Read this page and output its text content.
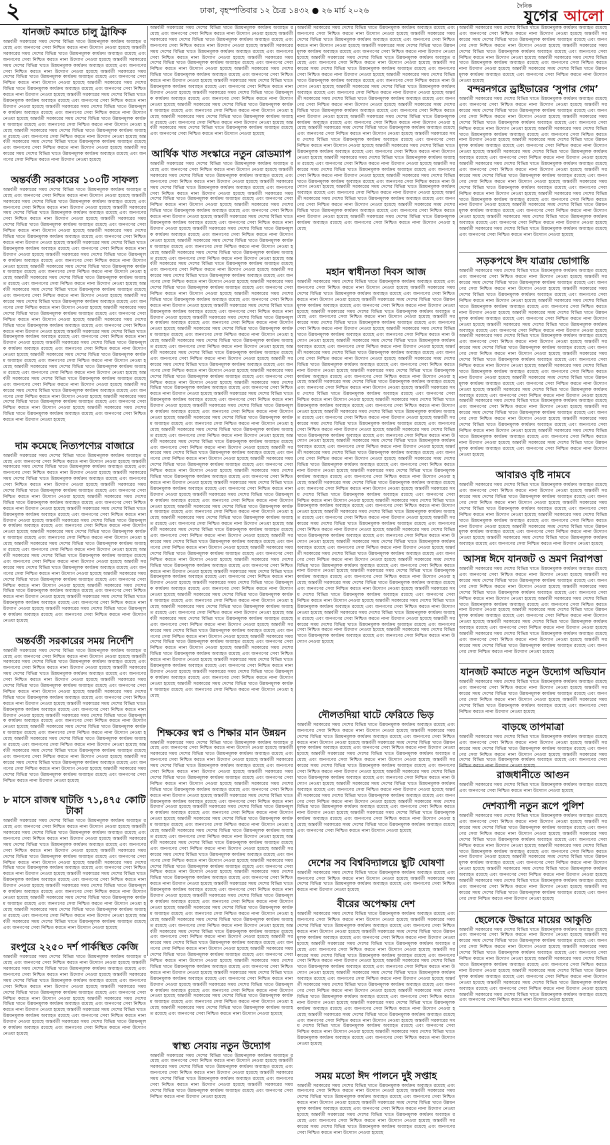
২	ঢাকা, বৃহস্পতিবার ১২ চৈত্র ১৪৩২ ● ২৬ মার্চ ২০২৬	দৈনিক
যুগের আলো
যানজট কমাতে চালু ট্রাফিক
অন্তর্বর্তী সরকারের সময় দেশের বিভিন্ন খাতে উন্নয়নমূলক কার্যক্রম অব্যাহত রয়েছে এবং জনগণের সেবা নিশ্চিত করতে নানা উদ্যোগ নেওয়া হয়েছে অন্তর্বর্তী সরকারের সময় দেশের বিভিন্ন খাতে উন্নয়নমূলক কার্যক্রম অব্যাহত রয়েছে এবং জনগণের সেবা নিশ্চিত করতে নানা উদ্যোগ নেওয়া হয়েছে অন্তর্বর্তী সরকারের সময় দেশের বিভিন্ন খাতে উন্নয়নমূলক কার্যক্রম অব্যাহত রয়েছে এবং জনগণের সেবা নিশ্চিত করতে নানা উদ্যোগ নেওয়া হয়েছে অন্তর্বর্তী সরকারের সময় দেশের বিভিন্ন খাতে উন্নয়নমূলক কার্যক্রম অব্যাহত রয়েছে এবং জনগণের সেবা নিশ্চিত করতে নানা উদ্যোগ নেওয়া হয়েছে অন্তর্বর্তী সরকারের সময় দেশের বিভিন্ন খাতে উন্নয়নমূলক কার্যক্রম অব্যাহত রয়েছে এবং জনগণের সেবা নিশ্চিত করতে নানা উদ্যোগ নেওয়া হয়েছে অন্তর্বর্তী সরকারের সময় দেশের বিভিন্ন খাতে উন্নয়নমূলক কার্যক্রম অব্যাহত রয়েছে এবং জনগণের সেবা নিশ্চিত করতে নানা উদ্যোগ নেওয়া হয়েছে অন্তর্বর্তী সরকারের সময় দেশের বিভিন্ন খাতে উন্নয়নমূলক কার্যক্রম অব্যাহত রয়েছে এবং জনগণের সেবা নিশ্চিত করতে নানা উদ্যোগ নেওয়া হয়েছে অন্তর্বর্তী সরকারের সময় দেশের বিভিন্ন খাতে উন্নয়নমূলক কার্যক্রম অব্যাহত রয়েছে এবং জনগণের সেবা নিশ্চিত করতে নানা উদ্যোগ নেওয়া হয়েছে অন্তর্বর্তী সরকারের সময় দেশের বিভিন্ন খাতে উন্নয়নমূলক কার্যক্রম অব্যাহত রয়েছে এবং জনগণের সেবা নিশ্চিত করতে নানা উদ্যোগ নেওয়া হয়েছে অন্তর্বর্তী সরকারের সময় দেশের বিভিন্ন খাতে উন্নয়নমূলক কার্যক্রম অব্যাহত রয়েছে এবং জনগণের সেবা নিশ্চিত করতে নানা উদ্যোগ নেওয়া হয়েছে অন্তর্বর্তী সরকারের সময় দেশের বিভিন্ন খাতে উন্নয়নমূলক কার্যক্রম অব্যাহত রয়েছে এবং জনগণের সেবা নিশ্চিত করতে নানা উদ্যোগ নেওয়া হয়েছে
অন্তর্বর্তী সরকারের ১০০টি সাফল্য
অন্তর্বর্তী সরকারের সময় দেশের বিভিন্ন খাতে উন্নয়নমূলক কার্যক্রম অব্যাহত রয়েছে এবং জনগণের সেবা নিশ্চিত করতে নানা উদ্যোগ নেওয়া হয়েছে অন্তর্বর্তী সরকারের সময় দেশের বিভিন্ন খাতে উন্নয়নমূলক কার্যক্রম অব্যাহত রয়েছে এবং জনগণের সেবা নিশ্চিত করতে নানা উদ্যোগ নেওয়া হয়েছে অন্তর্বর্তী সরকারের সময় দেশের বিভিন্ন খাতে উন্নয়নমূলক কার্যক্রম অব্যাহত রয়েছে এবং জনগণের সেবা নিশ্চিত করতে নানা উদ্যোগ নেওয়া হয়েছে অন্তর্বর্তী সরকারের সময় দেশের বিভিন্ন খাতে উন্নয়নমূলক কার্যক্রম অব্যাহত রয়েছে এবং জনগণের সেবা নিশ্চিত করতে নানা উদ্যোগ নেওয়া হয়েছে অন্তর্বর্তী সরকারের সময় দেশের বিভিন্ন খাতে উন্নয়নমূলক কার্যক্রম অব্যাহত রয়েছে এবং জনগণের সেবা নিশ্চিত করতে নানা উদ্যোগ নেওয়া হয়েছে অন্তর্বর্তী সরকারের সময় দেশের বিভিন্ন খাতে উন্নয়নমূলক কার্যক্রম অব্যাহত রয়েছে এবং জনগণের সেবা নিশ্চিত করতে নানা উদ্যোগ নেওয়া হয়েছে অন্তর্বর্তী সরকারের সময় দেশের বিভিন্ন খাতে উন্নয়নমূলক কার্যক্রম অব্যাহত রয়েছে এবং জনগণের সেবা নিশ্চিত করতে নানা উদ্যোগ নেওয়া হয়েছে অন্তর্বর্তী সরকারের সময় দেশের বিভিন্ন খাতে উন্নয়নমূলক কার্যক্রম অব্যাহত রয়েছে এবং জনগণের সেবা নিশ্চিত করতে নানা উদ্যোগ নেওয়া হয়েছে অন্তর্বর্তী সরকারের সময় দেশের বিভিন্ন খাতে উন্নয়নমূলক কার্যক্রম অব্যাহত রয়েছে এবং জনগণের সেবা নিশ্চিত করতে নানা উদ্যোগ নেওয়া হয়েছে অন্তর্বর্তী সরকারের সময় দেশের বিভিন্ন খাতে উন্নয়নমূলক কার্যক্রম অব্যাহত রয়েছে এবং জনগণের সেবা নিশ্চিত করতে নানা উদ্যোগ নেওয়া হয়েছে অন্তর্বর্তী সরকারের সময় দেশের বিভিন্ন খাতে উন্নয়নমূলক কার্যক্রম অব্যাহত রয়েছে এবং জনগণের সেবা নিশ্চিত করতে নানা উদ্যোগ নেওয়া হয়েছে অন্তর্বর্তী সরকারের সময় দেশের বিভিন্ন খাতে উন্নয়নমূলক কার্যক্রম অব্যাহত রয়েছে এবং জনগণের সেবা নিশ্চিত করতে নানা উদ্যোগ নেওয়া হয়েছে অন্তর্বর্তী সরকারের সময় দেশের বিভিন্ন খাতে উন্নয়নমূলক কার্যক্রম অব্যাহত রয়েছে এবং জনগণের সেবা নিশ্চিত করতে নানা উদ্যোগ নেওয়া হয়েছে অন্তর্বর্তী সরকারের সময় দেশের বিভিন্ন খাতে উন্নয়নমূলক কার্যক্রম অব্যাহত রয়েছে এবং জনগণের সেবা নিশ্চিত করতে নানা উদ্যোগ নেওয়া হয়েছে অন্তর্বর্তী সরকারের সময় দেশের বিভিন্ন খাতে উন্নয়নমূলক কার্যক্রম অব্যাহত রয়েছে এবং জনগণের সেবা নিশ্চিত করতে নানা উদ্যোগ নেওয়া হয়েছে অন্তর্বর্তী সরকারের সময় দেশের বিভিন্ন খাতে উন্নয়নমূলক কার্যক্রম অব্যাহত রয়েছে এবং জনগণের সেবা নিশ্চিত করতে নানা উদ্যোগ নেওয়া হয়েছে অন্তর্বর্তী সরকারের সময় দেশের বিভিন্ন খাতে উন্নয়নমূলক কার্যক্রম অব্যাহত রয়েছে এবং জনগণের সেবা নিশ্চিত করতে নানা উদ্যোগ নেওয়া হয়েছে অন্তর্বর্তী সরকারের সময় দেশের বিভিন্ন খাতে উন্নয়নমূলক কার্যক্রম অব্যাহত রয়েছে এবং জনগণের সেবা নিশ্চিত করতে নানা উদ্যোগ নেওয়া হয়েছে অন্তর্বর্তী সরকারের সময় দেশের বিভিন্ন খাতে উন্নয়নমূলক কার্যক্রম অব্যাহত রয়েছে এবং জনগণের সেবা নিশ্চিত করতে নানা উদ্যোগ নেওয়া হয়েছে অন্তর্বর্তী সরকারের সময় দেশের বিভিন্ন খাতে উন্নয়নমূলক কার্যক্রম অব্যাহত রয়েছে এবং জনগণের সেবা নিশ্চিত করতে নানা উদ্যোগ নেওয়া হয়েছে অন্তর্বর্তী সরকারের সময় দেশের বিভিন্ন খাতে উন্নয়নমূলক কার্যক্রম অব্যাহত রয়েছে এবং জনগণের সেবা নিশ্চিত করতে নানা উদ্যোগ নেওয়া হয়েছে
দাম কমেছে নিত্যপণ্যের বাজারে
অন্তর্বর্তী সরকারের সময় দেশের বিভিন্ন খাতে উন্নয়নমূলক কার্যক্রম অব্যাহত রয়েছে এবং জনগণের সেবা নিশ্চিত করতে নানা উদ্যোগ নেওয়া হয়েছে অন্তর্বর্তী সরকারের সময় দেশের বিভিন্ন খাতে উন্নয়নমূলক কার্যক্রম অব্যাহত রয়েছে এবং জনগণের সেবা নিশ্চিত করতে নানা উদ্যোগ নেওয়া হয়েছে অন্তর্বর্তী সরকারের সময় দেশের বিভিন্ন খাতে উন্নয়নমূলক কার্যক্রম অব্যাহত রয়েছে এবং জনগণের সেবা নিশ্চিত করতে নানা উদ্যোগ নেওয়া হয়েছে অন্তর্বর্তী সরকারের সময় দেশের বিভিন্ন খাতে উন্নয়নমূলক কার্যক্রম অব্যাহত রয়েছে এবং জনগণের সেবা নিশ্চিত করতে নানা উদ্যোগ নেওয়া হয়েছে অন্তর্বর্তী সরকারের সময় দেশের বিভিন্ন খাতে উন্নয়নমূলক কার্যক্রম অব্যাহত রয়েছে এবং জনগণের সেবা নিশ্চিত করতে নানা উদ্যোগ নেওয়া হয়েছে অন্তর্বর্তী সরকারের সময় দেশের বিভিন্ন খাতে উন্নয়নমূলক কার্যক্রম অব্যাহত রয়েছে এবং জনগণের সেবা নিশ্চিত করতে নানা উদ্যোগ নেওয়া হয়েছে অন্তর্বর্তী সরকারের সময় দেশের বিভিন্ন খাতে উন্নয়নমূলক কার্যক্রম অব্যাহত রয়েছে এবং জনগণের সেবা নিশ্চিত করতে নানা উদ্যোগ নেওয়া হয়েছে অন্তর্বর্তী সরকারের সময় দেশের বিভিন্ন খাতে উন্নয়নমূলক কার্যক্রম অব্যাহত রয়েছে এবং জনগণের সেবা নিশ্চিত করতে নানা উদ্যোগ নেওয়া হয়েছে অন্তর্বর্তী সরকারের সময় দেশের বিভিন্ন খাতে উন্নয়নমূলক কার্যক্রম অব্যাহত রয়েছে এবং জনগণের সেবা নিশ্চিত করতে নানা উদ্যোগ নেওয়া হয়েছে অন্তর্বর্তী সরকারের সময় দেশের বিভিন্ন খাতে উন্নয়নমূলক কার্যক্রম অব্যাহত রয়েছে এবং জনগণের সেবা নিশ্চিত করতে নানা উদ্যোগ নেওয়া হয়েছে অন্তর্বর্তী সরকারের সময় দেশের বিভিন্ন খাতে উন্নয়নমূলক কার্যক্রম অব্যাহত রয়েছে এবং জনগণের সেবা নিশ্চিত করতে নানা উদ্যোগ নেওয়া হয়েছে অন্তর্বর্তী সরকারের সময় দেশের বিভিন্ন খাতে উন্নয়নমূলক কার্যক্রম অব্যাহত রয়েছে এবং জনগণের সেবা নিশ্চিত করতে নানা উদ্যোগ নেওয়া হয়েছে অন্তর্বর্তী সরকারের সময় দেশের বিভিন্ন খাতে উন্নয়নমূলক কার্যক্রম অব্যাহত রয়েছে এবং জনগণের সেবা নিশ্চিত করতে নানা উদ্যোগ নেওয়া হয়েছে অন্তর্বর্তী সরকারের সময় দেশের বিভিন্ন খাতে উন্নয়নমূলক কার্যক্রম অব্যাহত রয়েছে এবং জনগণের সেবা নিশ্চিত করতে নানা উদ্যোগ নেওয়া হয়েছে অন্তর্বর্তী সরকারের সময় দেশের বিভিন্ন খাতে উন্নয়নমূলক কার্যক্রম অব্যাহত রয়েছে এবং জনগণের সেবা নিশ্চিত করতে নানা উদ্যোগ নেওয়া হয়েছে
অন্তর্বর্তী সরকারের সময় নির্দেশি
অন্তর্বর্তী সরকারের সময় দেশের বিভিন্ন খাতে উন্নয়নমূলক কার্যক্রম অব্যাহত রয়েছে এবং জনগণের সেবা নিশ্চিত করতে নানা উদ্যোগ নেওয়া হয়েছে অন্তর্বর্তী সরকারের সময় দেশের বিভিন্ন খাতে উন্নয়নমূলক কার্যক্রম অব্যাহত রয়েছে এবং জনগণের সেবা নিশ্চিত করতে নানা উদ্যোগ নেওয়া হয়েছে অন্তর্বর্তী সরকারের সময় দেশের বিভিন্ন খাতে উন্নয়নমূলক কার্যক্রম অব্যাহত রয়েছে এবং জনগণের সেবা নিশ্চিত করতে নানা উদ্যোগ নেওয়া হয়েছে অন্তর্বর্তী সরকারের সময় দেশের বিভিন্ন খাতে উন্নয়নমূলক কার্যক্রম অব্যাহত রয়েছে এবং জনগণের সেবা নিশ্চিত করতে নানা উদ্যোগ নেওয়া হয়েছে অন্তর্বর্তী সরকারের সময় দেশের বিভিন্ন খাতে উন্নয়নমূলক কার্যক্রম অব্যাহত রয়েছে এবং জনগণের সেবা নিশ্চিত করতে নানা উদ্যোগ নেওয়া হয়েছে অন্তর্বর্তী সরকারের সময় দেশের বিভিন্ন খাতে উন্নয়নমূলক কার্যক্রম অব্যাহত রয়েছে এবং জনগণের সেবা নিশ্চিত করতে নানা উদ্যোগ নেওয়া হয়েছে অন্তর্বর্তী সরকারের সময় দেশের বিভিন্ন খাতে উন্নয়নমূলক কার্যক্রম অব্যাহত রয়েছে এবং জনগণের সেবা নিশ্চিত করতে নানা উদ্যোগ নেওয়া হয়েছে অন্তর্বর্তী সরকারের সময় দেশের বিভিন্ন খাতে উন্নয়নমূলক কার্যক্রম অব্যাহত রয়েছে এবং জনগণের সেবা নিশ্চিত করতে নানা উদ্যোগ নেওয়া হয়েছে অন্তর্বর্তী সরকারের সময় দেশের বিভিন্ন খাতে উন্নয়নমূলক কার্যক্রম অব্যাহত রয়েছে এবং জনগণের সেবা নিশ্চিত করতে নানা উদ্যোগ নেওয়া হয়েছে অন্তর্বর্তী সরকারের সময় দেশের বিভিন্ন খাতে উন্নয়নমূলক কার্যক্রম অব্যাহত রয়েছে এবং জনগণের সেবা নিশ্চিত করতে নানা উদ্যোগ নেওয়া হয়েছে অন্তর্বর্তী সরকারের সময় দেশের বিভিন্ন খাতে উন্নয়নমূলক কার্যক্রম অব্যাহত রয়েছে এবং জনগণের সেবা নিশ্চিত করতে নানা উদ্যোগ নেওয়া হয়েছে অন্তর্বর্তী সরকারের সময় দেশের বিভিন্ন খাতে উন্নয়নমূলক কার্যক্রম অব্যাহত রয়েছে এবং জনগণের সেবা নিশ্চিত করতে নানা উদ্যোগ নেওয়া হয়েছে
৮ মাসে রাজস্ব ঘাটতি ৭১,৪৭৫ কোটি টাকা
অন্তর্বর্তী সরকারের সময় দেশের বিভিন্ন খাতে উন্নয়নমূলক কার্যক্রম অব্যাহত রয়েছে এবং জনগণের সেবা নিশ্চিত করতে নানা উদ্যোগ নেওয়া হয়েছে অন্তর্বর্তী সরকারের সময় দেশের বিভিন্ন খাতে উন্নয়নমূলক কার্যক্রম অব্যাহত রয়েছে এবং জনগণের সেবা নিশ্চিত করতে নানা উদ্যোগ নেওয়া হয়েছে অন্তর্বর্তী সরকারের সময় দেশের বিভিন্ন খাতে উন্নয়নমূলক কার্যক্রম অব্যাহত রয়েছে এবং জনগণের সেবা নিশ্চিত করতে নানা উদ্যোগ নেওয়া হয়েছে অন্তর্বর্তী সরকারের সময় দেশের বিভিন্ন খাতে উন্নয়নমূলক কার্যক্রম অব্যাহত রয়েছে এবং জনগণের সেবা নিশ্চিত করতে নানা উদ্যোগ নেওয়া হয়েছে অন্তর্বর্তী সরকারের সময় দেশের বিভিন্ন খাতে উন্নয়নমূলক কার্যক্রম অব্যাহত রয়েছে এবং জনগণের সেবা নিশ্চিত করতে নানা উদ্যোগ নেওয়া হয়েছে অন্তর্বর্তী সরকারের সময় দেশের বিভিন্ন খাতে উন্নয়নমূলক কার্যক্রম অব্যাহত রয়েছে এবং জনগণের সেবা নিশ্চিত করতে নানা উদ্যোগ নেওয়া হয়েছে অন্তর্বর্তী সরকারের সময় দেশের বিভিন্ন খাতে উন্নয়নমূলক কার্যক্রম অব্যাহত রয়েছে এবং জনগণের সেবা নিশ্চিত করতে নানা উদ্যোগ নেওয়া হয়েছে অন্তর্বর্তী সরকারের সময় দেশের বিভিন্ন খাতে উন্নয়নমূলক কার্যক্রম অব্যাহত রয়েছে এবং জনগণের সেবা নিশ্চিত করতে নানা উদ্যোগ নেওয়া হয়েছে অন্তর্বর্তী সরকারের সময় দেশের বিভিন্ন খাতে উন্নয়নমূলক কার্যক্রম অব্যাহত রয়েছে এবং জনগণের সেবা নিশ্চিত করতে নানা উদ্যোগ নেওয়া হয়েছে অন্তর্বর্তী সরকারের সময় দেশের বিভিন্ন খাতে উন্নয়নমূলক কার্যক্রম অব্যাহত রয়েছে এবং জনগণের সেবা নিশ্চিত করতে নানা উদ্যোগ নেওয়া হয়েছে
রংপুরে ২২৫০ দর্শ পার্কস্থিত কেজি
অন্তর্বর্তী সরকারের সময় দেশের বিভিন্ন খাতে উন্নয়নমূলক কার্যক্রম অব্যাহত রয়েছে এবং জনগণের সেবা নিশ্চিত করতে নানা উদ্যোগ নেওয়া হয়েছে অন্তর্বর্তী সরকারের সময় দেশের বিভিন্ন খাতে উন্নয়নমূলক কার্যক্রম অব্যাহত রয়েছে এবং জনগণের সেবা নিশ্চিত করতে নানা উদ্যোগ নেওয়া হয়েছে অন্তর্বর্তী সরকারের সময় দেশের বিভিন্ন খাতে উন্নয়নমূলক কার্যক্রম অব্যাহত রয়েছে এবং জনগণের সেবা নিশ্চিত করতে নানা উদ্যোগ নেওয়া হয়েছে অন্তর্বর্তী সরকারের সময় দেশের বিভিন্ন খাতে উন্নয়নমূলক কার্যক্রম অব্যাহত রয়েছে এবং জনগণের সেবা নিশ্চিত করতে নানা উদ্যোগ নেওয়া হয়েছে অন্তর্বর্তী সরকারের সময় দেশের বিভিন্ন খাতে উন্নয়নমূলক কার্যক্রম অব্যাহত রয়েছে এবং জনগণের সেবা নিশ্চিত করতে নানা উদ্যোগ নেওয়া হয়েছে অন্তর্বর্তী সরকারের সময় দেশের বিভিন্ন খাতে উন্নয়নমূলক কার্যক্রম অব্যাহত রয়েছে এবং জনগণের সেবা নিশ্চিত করতে নানা উদ্যোগ নেওয়া হয়েছে অন্তর্বর্তী সরকারের সময় দেশের বিভিন্ন খাতে উন্নয়নমূলক কার্যক্রম অব্যাহত রয়েছে এবং জনগণের সেবা নিশ্চিত করতে নানা উদ্যোগ নেওয়া হয়েছে
অন্তর্বর্তী সরকারের সময় দেশের বিভিন্ন খাতে উন্নয়নমূলক কার্যক্রম অব্যাহত রয়েছে এবং জনগণের সেবা নিশ্চিত করতে নানা উদ্যোগ নেওয়া হয়েছে অন্তর্বর্তী সরকারের সময় দেশের বিভিন্ন খাতে উন্নয়নমূলক কার্যক্রম অব্যাহত রয়েছে এবং জনগণের সেবা নিশ্চিত করতে নানা উদ্যোগ নেওয়া হয়েছে অন্তর্বর্তী সরকারের সময় দেশের বিভিন্ন খাতে উন্নয়নমূলক কার্যক্রম অব্যাহত রয়েছে এবং জনগণের সেবা নিশ্চিত করতে নানা উদ্যোগ নেওয়া হয়েছে অন্তর্বর্তী সরকারের সময় দেশের বিভিন্ন খাতে উন্নয়নমূলক কার্যক্রম অব্যাহত রয়েছে এবং জনগণের সেবা নিশ্চিত করতে নানা উদ্যোগ নেওয়া হয়েছে অন্তর্বর্তী সরকারের সময় দেশের বিভিন্ন খাতে উন্নয়নমূলক কার্যক্রম অব্যাহত রয়েছে এবং জনগণের সেবা নিশ্চিত করতে নানা উদ্যোগ নেওয়া হয়েছে অন্তর্বর্তী সরকারের সময় দেশের বিভিন্ন খাতে উন্নয়নমূলক কার্যক্রম অব্যাহত রয়েছে এবং জনগণের সেবা নিশ্চিত করতে নানা উদ্যোগ নেওয়া হয়েছে অন্তর্বর্তী সরকারের সময় দেশের বিভিন্ন খাতে উন্নয়নমূলক কার্যক্রম অব্যাহত রয়েছে এবং জনগণের সেবা নিশ্চিত করতে নানা উদ্যোগ নেওয়া হয়েছে অন্তর্বর্তী সরকারের সময় দেশের বিভিন্ন খাতে উন্নয়নমূলক কার্যক্রম অব্যাহত রয়েছে এবং জনগণের সেবা নিশ্চিত করতে নানা উদ্যোগ নেওয়া হয়েছে অন্তর্বর্তী সরকারের সময় দেশের বিভিন্ন খাতে উন্নয়নমূলক কার্যক্রম অব্যাহত রয়েছে এবং জনগণের সেবা নিশ্চিত করতে নানা উদ্যোগ নেওয়া হয়েছে অন্তর্বর্তী সরকারের সময় দেশের বিভিন্ন খাতে উন্নয়নমূলক কার্যক্রম অব্যাহত রয়েছে এবং জনগণের সেবা নিশ্চিত করতে নানা উদ্যোগ নেওয়া হয়েছে
আর্থিক খাত সংস্কারে নতুন রোডম্যাপ
অন্তর্বর্তী সরকারের সময় দেশের বিভিন্ন খাতে উন্নয়নমূলক কার্যক্রম অব্যাহত রয়েছে এবং জনগণের সেবা নিশ্চিত করতে নানা উদ্যোগ নেওয়া হয়েছে অন্তর্বর্তী সরকারের সময় দেশের বিভিন্ন খাতে উন্নয়নমূলক কার্যক্রম অব্যাহত রয়েছে এবং জনগণের সেবা নিশ্চিত করতে নানা উদ্যোগ নেওয়া হয়েছে অন্তর্বর্তী সরকারের সময় দেশের বিভিন্ন খাতে উন্নয়নমূলক কার্যক্রম অব্যাহত রয়েছে এবং জনগণের সেবা নিশ্চিত করতে নানা উদ্যোগ নেওয়া হয়েছে অন্তর্বর্তী সরকারের সময় দেশের বিভিন্ন খাতে উন্নয়নমূলক কার্যক্রম অব্যাহত রয়েছে এবং জনগণের সেবা নিশ্চিত করতে নানা উদ্যোগ নেওয়া হয়েছে অন্তর্বর্তী সরকারের সময় দেশের বিভিন্ন খাতে উন্নয়নমূলক কার্যক্রম অব্যাহত রয়েছে এবং জনগণের সেবা নিশ্চিত করতে নানা উদ্যোগ নেওয়া হয়েছে অন্তর্বর্তী সরকারের সময় দেশের বিভিন্ন খাতে উন্নয়নমূলক কার্যক্রম অব্যাহত রয়েছে এবং জনগণের সেবা নিশ্চিত করতে নানা উদ্যোগ নেওয়া হয়েছে অন্তর্বর্তী সরকারের সময় দেশের বিভিন্ন খাতে উন্নয়নমূলক কার্যক্রম অব্যাহত রয়েছে এবং জনগণের সেবা নিশ্চিত করতে নানা উদ্যোগ নেওয়া হয়েছে অন্তর্বর্তী সরকারের সময় দেশের বিভিন্ন খাতে উন্নয়নমূলক কার্যক্রম অব্যাহত রয়েছে এবং জনগণের সেবা নিশ্চিত করতে নানা উদ্যোগ নেওয়া হয়েছে অন্তর্বর্তী সরকারের সময় দেশের বিভিন্ন খাতে উন্নয়নমূলক কার্যক্রম অব্যাহত রয়েছে এবং জনগণের সেবা নিশ্চিত করতে নানা উদ্যোগ নেওয়া হয়েছে অন্তর্বর্তী সরকারের সময় দেশের বিভিন্ন খাতে উন্নয়নমূলক কার্যক্রম অব্যাহত রয়েছে এবং জনগণের সেবা নিশ্চিত করতে নানা উদ্যোগ নেওয়া হয়েছে অন্তর্বর্তী সরকারের সময় দেশের বিভিন্ন খাতে উন্নয়নমূলক কার্যক্রম অব্যাহত রয়েছে এবং জনগণের সেবা নিশ্চিত করতে নানা উদ্যোগ নেওয়া হয়েছে অন্তর্বর্তী সরকারের সময় দেশের বিভিন্ন খাতে উন্নয়নমূলক কার্যক্রম অব্যাহত রয়েছে এবং জনগণের সেবা নিশ্চিত করতে নানা উদ্যোগ নেওয়া হয়েছে অন্তর্বর্তী সরকারের সময় দেশের বিভিন্ন খাতে উন্নয়নমূলক কার্যক্রম অব্যাহত রয়েছে এবং জনগণের সেবা নিশ্চিত করতে নানা উদ্যোগ নেওয়া হয়েছে অন্তর্বর্তী সরকারের সময় দেশের বিভিন্ন খাতে উন্নয়নমূলক কার্যক্রম অব্যাহত রয়েছে এবং জনগণের সেবা নিশ্চিত করতে নানা উদ্যোগ নেওয়া হয়েছে অন্তর্বর্তী সরকারের সময় দেশের বিভিন্ন খাতে উন্নয়নমূলক কার্যক্রম অব্যাহত রয়েছে এবং জনগণের সেবা নিশ্চিত করতে নানা উদ্যোগ নেওয়া হয়েছে অন্তর্বর্তী সরকারের সময় দেশের বিভিন্ন খাতে উন্নয়নমূলক কার্যক্রম অব্যাহত রয়েছে এবং জনগণের সেবা নিশ্চিত করতে নানা উদ্যোগ নেওয়া হয়েছে অন্তর্বর্তী সরকারের সময় দেশের বিভিন্ন খাতে উন্নয়নমূলক কার্যক্রম অব্যাহত রয়েছে এবং জনগণের সেবা নিশ্চিত করতে নানা উদ্যোগ নেওয়া হয়েছে অন্তর্বর্তী সরকারের সময় দেশের বিভিন্ন খাতে উন্নয়নমূলক কার্যক্রম অব্যাহত রয়েছে এবং জনগণের সেবা নিশ্চিত করতে নানা উদ্যোগ নেওয়া হয়েছে অন্তর্বর্তী সরকারের সময় দেশের বিভিন্ন খাতে উন্নয়নমূলক কার্যক্রম অব্যাহত রয়েছে এবং জনগণের সেবা নিশ্চিত করতে নানা উদ্যোগ নেওয়া হয়েছে অন্তর্বর্তী সরকারের সময় দেশের বিভিন্ন খাতে উন্নয়নমূলক কার্যক্রম অব্যাহত রয়েছে এবং জনগণের সেবা নিশ্চিত করতে নানা উদ্যোগ নেওয়া হয়েছে অন্তর্বর্তী সরকারের সময় দেশের বিভিন্ন খাতে উন্নয়নমূলক কার্যক্রম অব্যাহত রয়েছে এবং জনগণের সেবা নিশ্চিত করতে নানা উদ্যোগ নেওয়া হয়েছে অন্তর্বর্তী সরকারের সময় দেশের বিভিন্ন খাতে উন্নয়নমূলক কার্যক্রম অব্যাহত রয়েছে এবং জনগণের সেবা নিশ্চিত করতে নানা উদ্যোগ নেওয়া হয়েছে অন্তর্বর্তী সরকারের সময় দেশের বিভিন্ন খাতে উন্নয়নমূলক কার্যক্রম অব্যাহত রয়েছে এবং জনগণের সেবা নিশ্চিত করতে নানা উদ্যোগ নেওয়া হয়েছে অন্তর্বর্তী সরকারের সময় দেশের বিভিন্ন খাতে উন্নয়নমূলক কার্যক্রম অব্যাহত রয়েছে এবং জনগণের সেবা নিশ্চিত করতে নানা উদ্যোগ নেওয়া হয়েছে অন্তর্বর্তী সরকারের সময় দেশের বিভিন্ন খাতে উন্নয়নমূলক কার্যক্রম অব্যাহত রয়েছে এবং জনগণের সেবা নিশ্চিত করতে নানা উদ্যোগ নেওয়া হয়েছে অন্তর্বর্তী সরকারের সময় দেশের বিভিন্ন খাতে উন্নয়নমূলক কার্যক্রম অব্যাহত রয়েছে এবং জনগণের সেবা নিশ্চিত করতে নানা উদ্যোগ নেওয়া হয়েছে অন্তর্বর্তী সরকারের সময় দেশের বিভিন্ন খাতে উন্নয়নমূলক কার্যক্রম অব্যাহত রয়েছে এবং জনগণের সেবা নিশ্চিত করতে নানা উদ্যোগ নেওয়া হয়েছে অন্তর্বর্তী সরকারের সময় দেশের বিভিন্ন খাতে উন্নয়নমূলক কার্যক্রম অব্যাহত রয়েছে এবং জনগণের সেবা নিশ্চিত করতে নানা উদ্যোগ নেওয়া হয়েছে অন্তর্বর্তী সরকারের সময় দেশের বিভিন্ন খাতে উন্নয়নমূলক কার্যক্রম অব্যাহত রয়েছে এবং জনগণের সেবা নিশ্চিত করতে নানা উদ্যোগ নেওয়া হয়েছে অন্তর্বর্তী সরকারের সময় দেশের বিভিন্ন খাতে উন্নয়নমূলক কার্যক্রম অব্যাহত রয়েছে এবং জনগণের সেবা নিশ্চিত করতে নানা উদ্যোগ নেওয়া হয়েছে অন্তর্বর্তী সরকারের সময় দেশের বিভিন্ন খাতে উন্নয়নমূলক কার্যক্রম অব্যাহত রয়েছে এবং জনগণের সেবা নিশ্চিত করতে নানা উদ্যোগ নেওয়া হয়েছে অন্তর্বর্তী সরকারের সময় দেশের বিভিন্ন খাতে উন্নয়নমূলক কার্যক্রম অব্যাহত রয়েছে এবং জনগণের সেবা নিশ্চিত করতে নানা উদ্যোগ নেওয়া হয়েছে অন্তর্বর্তী সরকারের সময় দেশের বিভিন্ন খাতে উন্নয়নমূলক কার্যক্রম অব্যাহত রয়েছে এবং জনগণের সেবা নিশ্চিত করতে নানা উদ্যোগ নেওয়া হয়েছে অন্তর্বর্তী সরকারের সময় দেশের বিভিন্ন খাতে উন্নয়নমূলক কার্যক্রম অব্যাহত রয়েছে এবং জনগণের সেবা নিশ্চিত করতে নানা উদ্যোগ নেওয়া হয়েছে অন্তর্বর্তী সরকারের সময় দেশের বিভিন্ন খাতে উন্নয়নমূলক কার্যক্রম অব্যাহত রয়েছে এবং জনগণের সেবা নিশ্চিত করতে নানা উদ্যোগ নেওয়া হয়েছে অন্তর্বর্তী সরকারের সময় দেশের বিভিন্ন খাতে উন্নয়নমূলক কার্যক্রম অব্যাহত রয়েছে এবং জনগণের সেবা নিশ্চিত করতে নানা উদ্যোগ নেওয়া হয়েছে অন্তর্বর্তী সরকারের সময় দেশের বিভিন্ন খাতে উন্নয়নমূলক কার্যক্রম অব্যাহত রয়েছে এবং জনগণের সেবা নিশ্চিত করতে নানা উদ্যোগ নেওয়া হয়েছে অন্তর্বর্তী সরকারের সময় দেশের বিভিন্ন খাতে উন্নয়নমূলক কার্যক্রম অব্যাহত রয়েছে এবং জনগণের সেবা নিশ্চিত করতে নানা উদ্যোগ নেওয়া হয়েছে অন্তর্বর্তী সরকারের সময় দেশের বিভিন্ন খাতে উন্নয়নমূলক কার্যক্রম অব্যাহত রয়েছে এবং জনগণের সেবা নিশ্চিত করতে নানা উদ্যোগ নেওয়া হয়েছে অন্তর্বর্তী সরকারের সময় দেশের বিভিন্ন খাতে উন্নয়নমূলক কার্যক্রম অব্যাহত রয়েছে এবং জনগণের সেবা নিশ্চিত করতে নানা উদ্যোগ নেওয়া হয়েছে অন্তর্বর্তী সরকারের সময় দেশের বিভিন্ন খাতে উন্নয়নমূলক কার্যক্রম অব্যাহত রয়েছে এবং জনগণের সেবা নিশ্চিত করতে নানা উদ্যোগ নেওয়া হয়েছে অন্তর্বর্তী সরকারের সময় দেশের বিভিন্ন খাতে উন্নয়নমূলক কার্যক্রম অব্যাহত রয়েছে এবং জনগণের সেবা নিশ্চিত করতে নানা উদ্যোগ নেওয়া হয়েছে অন্তর্বর্তী সরকারের সময় দেশের বিভিন্ন খাতে উন্নয়নমূলক কার্যক্রম অব্যাহত রয়েছে এবং জনগণের সেবা নিশ্চিত করতে নানা উদ্যোগ নেওয়া হয়েছে অন্তর্বর্তী সরকারের সময় দেশের বিভিন্ন খাতে উন্নয়নমূলক কার্যক্রম অব্যাহত রয়েছে এবং জনগণের সেবা নিশ্চিত করতে নানা উদ্যোগ নেওয়া হয়েছে অন্তর্বর্তী সরকারের সময় দেশের বিভিন্ন খাতে উন্নয়নমূলক কার্যক্রম অব্যাহত রয়েছে এবং জনগণের সেবা নিশ্চিত করতে নানা উদ্যোগ নেওয়া হয়েছে অন্তর্বর্তী সরকারের সময় দেশের বিভিন্ন খাতে উন্নয়নমূলক কার্যক্রম অব্যাহত রয়েছে এবং জনগণের সেবা নিশ্চিত করতে নানা উদ্যোগ নেওয়া হয়েছে অন্তর্বর্তী সরকারের সময় দেশের বিভিন্ন খাতে উন্নয়নমূলক কার্যক্রম অব্যাহত রয়েছে এবং জনগণের সেবা নিশ্চিত করতে নানা উদ্যোগ নেওয়া হয়েছে অন্তর্বর্তী সরকারের সময় দেশের বিভিন্ন খাতে উন্নয়নমূলক কার্যক্রম অব্যাহত রয়েছে এবং জনগণের সেবা নিশ্চিত করতে নানা উদ্যোগ নেওয়া হয়েছে
শিক্ষকের স্বপ্ন ও শিক্ষার মান উন্নয়ন
অন্তর্বর্তী সরকারের সময় দেশের বিভিন্ন খাতে উন্নয়নমূলক কার্যক্রম অব্যাহত রয়েছে এবং জনগণের সেবা নিশ্চিত করতে নানা উদ্যোগ নেওয়া হয়েছে অন্তর্বর্তী সরকারের সময় দেশের বিভিন্ন খাতে উন্নয়নমূলক কার্যক্রম অব্যাহত রয়েছে এবং জনগণের সেবা নিশ্চিত করতে নানা উদ্যোগ নেওয়া হয়েছে অন্তর্বর্তী সরকারের সময় দেশের বিভিন্ন খাতে উন্নয়নমূলক কার্যক্রম অব্যাহত রয়েছে এবং জনগণের সেবা নিশ্চিত করতে নানা উদ্যোগ নেওয়া হয়েছে অন্তর্বর্তী সরকারের সময় দেশের বিভিন্ন খাতে উন্নয়নমূলক কার্যক্রম অব্যাহত রয়েছে এবং জনগণের সেবা নিশ্চিত করতে নানা উদ্যোগ নেওয়া হয়েছে অন্তর্বর্তী সরকারের সময় দেশের বিভিন্ন খাতে উন্নয়নমূলক কার্যক্রম অব্যাহত রয়েছে এবং জনগণের সেবা নিশ্চিত করতে নানা উদ্যোগ নেওয়া হয়েছে অন্তর্বর্তী সরকারের সময় দেশের বিভিন্ন খাতে উন্নয়নমূলক কার্যক্রম অব্যাহত রয়েছে এবং জনগণের সেবা নিশ্চিত করতে নানা উদ্যোগ নেওয়া হয়েছে অন্তর্বর্তী সরকারের সময় দেশের বিভিন্ন খাতে উন্নয়নমূলক কার্যক্রম অব্যাহত রয়েছে এবং জনগণের সেবা নিশ্চিত করতে নানা উদ্যোগ নেওয়া হয়েছে অন্তর্বর্তী সরকারের সময় দেশের বিভিন্ন খাতে উন্নয়নমূলক কার্যক্রম অব্যাহত রয়েছে এবং জনগণের সেবা নিশ্চিত করতে নানা উদ্যোগ নেওয়া হয়েছে অন্তর্বর্তী সরকারের সময় দেশের বিভিন্ন খাতে উন্নয়নমূলক কার্যক্রম অব্যাহত রয়েছে এবং জনগণের সেবা নিশ্চিত করতে নানা উদ্যোগ নেওয়া হয়েছে অন্তর্বর্তী সরকারের সময় দেশের বিভিন্ন খাতে উন্নয়নমূলক কার্যক্রম অব্যাহত রয়েছে এবং জনগণের সেবা নিশ্চিত করতে নানা উদ্যোগ নেওয়া হয়েছে অন্তর্বর্তী সরকারের সময় দেশের বিভিন্ন খাতে উন্নয়নমূলক কার্যক্রম অব্যাহত রয়েছে এবং জনগণের সেবা নিশ্চিত করতে নানা উদ্যোগ নেওয়া হয়েছে অন্তর্বর্তী সরকারের সময় দেশের বিভিন্ন খাতে উন্নয়নমূলক কার্যক্রম অব্যাহত রয়েছে এবং জনগণের সেবা নিশ্চিত করতে নানা উদ্যোগ নেওয়া হয়েছে অন্তর্বর্তী সরকারের সময় দেশের বিভিন্ন খাতে উন্নয়নমূলক কার্যক্রম অব্যাহত রয়েছে এবং জনগণের সেবা নিশ্চিত করতে নানা উদ্যোগ নেওয়া হয়েছে অন্তর্বর্তী সরকারের সময় দেশের বিভিন্ন খাতে উন্নয়নমূলক কার্যক্রম অব্যাহত রয়েছে এবং জনগণের সেবা নিশ্চিত করতে নানা উদ্যোগ নেওয়া হয়েছে অন্তর্বর্তী সরকারের সময় দেশের বিভিন্ন খাতে উন্নয়নমূলক কার্যক্রম অব্যাহত রয়েছে এবং জনগণের সেবা নিশ্চিত করতে নানা উদ্যোগ নেওয়া হয়েছে অন্তর্বর্তী সরকারের সময় দেশের বিভিন্ন খাতে উন্নয়নমূলক কার্যক্রম অব্যাহত রয়েছে এবং জনগণের সেবা নিশ্চিত করতে নানা উদ্যোগ নেওয়া হয়েছে অন্তর্বর্তী সরকারের সময় দেশের বিভিন্ন খাতে উন্নয়নমূলক কার্যক্রম অব্যাহত রয়েছে এবং জনগণের সেবা নিশ্চিত করতে নানা উদ্যোগ নেওয়া হয়েছে অন্তর্বর্তী সরকারের সময় দেশের বিভিন্ন খাতে উন্নয়নমূলক কার্যক্রম অব্যাহত রয়েছে এবং জনগণের সেবা নিশ্চিত করতে নানা উদ্যোগ নেওয়া হয়েছে অন্তর্বর্তী সরকারের সময় দেশের বিভিন্ন খাতে উন্নয়নমূলক কার্যক্রম অব্যাহত রয়েছে এবং জনগণের সেবা নিশ্চিত করতে নানা উদ্যোগ নেওয়া হয়েছে অন্তর্বর্তী সরকারের সময় দেশের বিভিন্ন খাতে উন্নয়নমূলক কার্যক্রম অব্যাহত রয়েছে এবং জনগণের সেবা নিশ্চিত করতে নানা উদ্যোগ নেওয়া হয়েছে অন্তর্বর্তী সরকারের সময় দেশের বিভিন্ন খাতে উন্নয়নমূলক কার্যক্রম অব্যাহত রয়েছে এবং জনগণের সেবা নিশ্চিত করতে নানা উদ্যোগ নেওয়া হয়েছে অন্তর্বর্তী সরকারের সময় দেশের বিভিন্ন খাতে উন্নয়নমূলক কার্যক্রম অব্যাহত রয়েছে এবং জনগণের সেবা নিশ্চিত করতে নানা উদ্যোগ নেওয়া হয়েছে অন্তর্বর্তী সরকারের সময় দেশের বিভিন্ন খাতে উন্নয়নমূলক কার্যক্রম অব্যাহত রয়েছে এবং জনগণের সেবা নিশ্চিত করতে নানা উদ্যোগ নেওয়া হয়েছে অন্তর্বর্তী সরকারের সময় দেশের বিভিন্ন খাতে উন্নয়নমূলক কার্যক্রম অব্যাহত রয়েছে এবং জনগণের সেবা নিশ্চিত করতে নানা উদ্যোগ নেওয়া হয়েছে অন্তর্বর্তী সরকারের সময় দেশের বিভিন্ন খাতে উন্নয়নমূলক কার্যক্রম অব্যাহত রয়েছে এবং জনগণের সেবা নিশ্চিত করতে নানা উদ্যোগ নেওয়া হয়েছে
স্বাস্থ্য সেবায় নতুন উদ্যোগ
অন্তর্বর্তী সরকারের সময় দেশের বিভিন্ন খাতে উন্নয়নমূলক কার্যক্রম অব্যাহত রয়েছে এবং জনগণের সেবা নিশ্চিত করতে নানা উদ্যোগ নেওয়া হয়েছে অন্তর্বর্তী সরকারের সময় দেশের বিভিন্ন খাতে উন্নয়নমূলক কার্যক্রম অব্যাহত রয়েছে এবং জনগণের সেবা নিশ্চিত করতে নানা উদ্যোগ নেওয়া হয়েছে অন্তর্বর্তী সরকারের সময় দেশের বিভিন্ন খাতে উন্নয়নমূলক কার্যক্রম অব্যাহত রয়েছে এবং জনগণের সেবা নিশ্চিত করতে নানা উদ্যোগ নেওয়া হয়েছে অন্তর্বর্তী সরকারের সময় দেশের বিভিন্ন খাতে উন্নয়নমূলক কার্যক্রম অব্যাহত রয়েছে এবং জনগণের সেবা নিশ্চিত করতে নানা উদ্যোগ নেওয়া হয়েছে
অন্তর্বর্তী সরকারের সময় দেশের বিভিন্ন খাতে উন্নয়নমূলক কার্যক্রম অব্যাহত রয়েছে এবং জনগণের সেবা নিশ্চিত করতে নানা উদ্যোগ নেওয়া হয়েছে অন্তর্বর্তী সরকারের সময় দেশের বিভিন্ন খাতে উন্নয়নমূলক কার্যক্রম অব্যাহত রয়েছে এবং জনগণের সেবা নিশ্চিত করতে নানা উদ্যোগ নেওয়া হয়েছে অন্তর্বর্তী সরকারের সময় দেশের বিভিন্ন খাতে উন্নয়নমূলক কার্যক্রম অব্যাহত রয়েছে এবং জনগণের সেবা নিশ্চিত করতে নানা উদ্যোগ নেওয়া হয়েছে অন্তর্বর্তী সরকারের সময় দেশের বিভিন্ন খাতে উন্নয়নমূলক কার্যক্রম অব্যাহত রয়েছে এবং জনগণের সেবা নিশ্চিত করতে নানা উদ্যোগ নেওয়া হয়েছে অন্তর্বর্তী সরকারের সময় দেশের বিভিন্ন খাতে উন্নয়নমূলক কার্যক্রম অব্যাহত রয়েছে এবং জনগণের সেবা নিশ্চিত করতে নানা উদ্যোগ নেওয়া হয়েছে অন্তর্বর্তী সরকারের সময় দেশের বিভিন্ন খাতে উন্নয়নমূলক কার্যক্রম অব্যাহত রয়েছে এবং জনগণের সেবা নিশ্চিত করতে নানা উদ্যোগ নেওয়া হয়েছে অন্তর্বর্তী সরকারের সময় দেশের বিভিন্ন খাতে উন্নয়নমূলক কার্যক্রম অব্যাহত রয়েছে এবং জনগণের সেবা নিশ্চিত করতে নানা উদ্যোগ নেওয়া হয়েছে অন্তর্বর্তী সরকারের সময় দেশের বিভিন্ন খাতে উন্নয়নমূলক কার্যক্রম অব্যাহত রয়েছে এবং জনগণের সেবা নিশ্চিত করতে নানা উদ্যোগ নেওয়া হয়েছে অন্তর্বর্তী সরকারের সময় দেশের বিভিন্ন খাতে উন্নয়নমূলক কার্যক্রম অব্যাহত রয়েছে এবং জনগণের সেবা নিশ্চিত করতে নানা উদ্যোগ নেওয়া হয়েছে অন্তর্বর্তী সরকারের সময় দেশের বিভিন্ন খাতে উন্নয়নমূলক কার্যক্রম অব্যাহত রয়েছে এবং জনগণের সেবা নিশ্চিত করতে নানা উদ্যোগ নেওয়া হয়েছে অন্তর্বর্তী সরকারের সময় দেশের বিভিন্ন খাতে উন্নয়নমূলক কার্যক্রম অব্যাহত রয়েছে এবং জনগণের সেবা নিশ্চিত করতে নানা উদ্যোগ নেওয়া হয়েছে অন্তর্বর্তী সরকারের সময় দেশের বিভিন্ন খাতে উন্নয়নমূলক কার্যক্রম অব্যাহত রয়েছে এবং জনগণের সেবা নিশ্চিত করতে নানা উদ্যোগ নেওয়া হয়েছে অন্তর্বর্তী সরকারের সময় দেশের বিভিন্ন খাতে উন্নয়নমূলক কার্যক্রম অব্যাহত রয়েছে এবং জনগণের সেবা নিশ্চিত করতে নানা উদ্যোগ নেওয়া হয়েছে অন্তর্বর্তী সরকারের সময় দেশের বিভিন্ন খাতে উন্নয়নমূলক কার্যক্রম অব্যাহত রয়েছে এবং জনগণের সেবা নিশ্চিত করতে নানা উদ্যোগ নেওয়া হয়েছে অন্তর্বর্তী সরকারের সময় দেশের বিভিন্ন খাতে উন্নয়নমূলক কার্যক্রম অব্যাহত রয়েছে এবং জনগণের সেবা নিশ্চিত করতে নানা উদ্যোগ নেওয়া হয়েছে অন্তর্বর্তী সরকারের সময় দেশের বিভিন্ন খাতে উন্নয়নমূলক কার্যক্রম অব্যাহত রয়েছে এবং জনগণের সেবা নিশ্চিত করতে নানা উদ্যোগ নেওয়া হয়েছে অন্তর্বর্তী সরকারের সময় দেশের বিভিন্ন খাতে উন্নয়নমূলক কার্যক্রম অব্যাহত রয়েছে এবং জনগণের সেবা নিশ্চিত করতে নানা উদ্যোগ নেওয়া হয়েছে অন্তর্বর্তী সরকারের সময় দেশের বিভিন্ন খাতে উন্নয়নমূলক কার্যক্রম অব্যাহত রয়েছে এবং জনগণের সেবা নিশ্চিত করতে নানা উদ্যোগ নেওয়া হয়েছে অন্তর্বর্তী সরকারের সময় দেশের বিভিন্ন খাতে উন্নয়নমূলক কার্যক্রম অব্যাহত রয়েছে এবং জনগণের সেবা নিশ্চিত করতে নানা উদ্যোগ নেওয়া হয়েছে অন্তর্বর্তী সরকারের সময় দেশের বিভিন্ন খাতে উন্নয়নমূলক কার্যক্রম অব্যাহত রয়েছে এবং জনগণের সেবা নিশ্চিত করতে নানা উদ্যোগ নেওয়া হয়েছে
মহান স্বাধীনতা দিবস আজ
অন্তর্বর্তী সরকারের সময় দেশের বিভিন্ন খাতে উন্নয়নমূলক কার্যক্রম অব্যাহত রয়েছে এবং জনগণের সেবা নিশ্চিত করতে নানা উদ্যোগ নেওয়া হয়েছে অন্তর্বর্তী সরকারের সময় দেশের বিভিন্ন খাতে উন্নয়নমূলক কার্যক্রম অব্যাহত রয়েছে এবং জনগণের সেবা নিশ্চিত করতে নানা উদ্যোগ নেওয়া হয়েছে অন্তর্বর্তী সরকারের সময় দেশের বিভিন্ন খাতে উন্নয়নমূলক কার্যক্রম অব্যাহত রয়েছে এবং জনগণের সেবা নিশ্চিত করতে নানা উদ্যোগ নেওয়া হয়েছে অন্তর্বর্তী সরকারের সময় দেশের বিভিন্ন খাতে উন্নয়নমূলক কার্যক্রম অব্যাহত রয়েছে এবং জনগণের সেবা নিশ্চিত করতে নানা উদ্যোগ নেওয়া হয়েছে অন্তর্বর্তী সরকারের সময় দেশের বিভিন্ন খাতে উন্নয়নমূলক কার্যক্রম অব্যাহত রয়েছে এবং জনগণের সেবা নিশ্চিত করতে নানা উদ্যোগ নেওয়া হয়েছে অন্তর্বর্তী সরকারের সময় দেশের বিভিন্ন খাতে উন্নয়নমূলক কার্যক্রম অব্যাহত রয়েছে এবং জনগণের সেবা নিশ্চিত করতে নানা উদ্যোগ নেওয়া হয়েছে অন্তর্বর্তী সরকারের সময় দেশের বিভিন্ন খাতে উন্নয়নমূলক কার্যক্রম অব্যাহত রয়েছে এবং জনগণের সেবা নিশ্চিত করতে নানা উদ্যোগ নেওয়া হয়েছে অন্তর্বর্তী সরকারের সময় দেশের বিভিন্ন খাতে উন্নয়নমূলক কার্যক্রম অব্যাহত রয়েছে এবং জনগণের সেবা নিশ্চিত করতে নানা উদ্যোগ নেওয়া হয়েছে অন্তর্বর্তী সরকারের সময় দেশের বিভিন্ন খাতে উন্নয়নমূলক কার্যক্রম অব্যাহত রয়েছে এবং জনগণের সেবা নিশ্চিত করতে নানা উদ্যোগ নেওয়া হয়েছে অন্তর্বর্তী সরকারের সময় দেশের বিভিন্ন খাতে উন্নয়নমূলক কার্যক্রম অব্যাহত রয়েছে এবং জনগণের সেবা নিশ্চিত করতে নানা উদ্যোগ নেওয়া হয়েছে অন্তর্বর্তী সরকারের সময় দেশের বিভিন্ন খাতে উন্নয়নমূলক কার্যক্রম অব্যাহত রয়েছে এবং জনগণের সেবা নিশ্চিত করতে নানা উদ্যোগ নেওয়া হয়েছে অন্তর্বর্তী সরকারের সময় দেশের বিভিন্ন খাতে উন্নয়নমূলক কার্যক্রম অব্যাহত রয়েছে এবং জনগণের সেবা নিশ্চিত করতে নানা উদ্যোগ নেওয়া হয়েছে অন্তর্বর্তী সরকারের সময় দেশের বিভিন্ন খাতে উন্নয়নমূলক কার্যক্রম অব্যাহত রয়েছে এবং জনগণের সেবা নিশ্চিত করতে নানা উদ্যোগ নেওয়া হয়েছে অন্তর্বর্তী সরকারের সময় দেশের বিভিন্ন খাতে উন্নয়নমূলক কার্যক্রম অব্যাহত রয়েছে এবং জনগণের সেবা নিশ্চিত করতে নানা উদ্যোগ নেওয়া হয়েছে অন্তর্বর্তী সরকারের সময় দেশের বিভিন্ন খাতে উন্নয়নমূলক কার্যক্রম অব্যাহত রয়েছে এবং জনগণের সেবা নিশ্চিত করতে নানা উদ্যোগ নেওয়া হয়েছে অন্তর্বর্তী সরকারের সময় দেশের বিভিন্ন খাতে উন্নয়নমূলক কার্যক্রম অব্যাহত রয়েছে এবং জনগণের সেবা নিশ্চিত করতে নানা উদ্যোগ নেওয়া হয়েছে অন্তর্বর্তী সরকারের সময় দেশের বিভিন্ন খাতে উন্নয়নমূলক কার্যক্রম অব্যাহত রয়েছে এবং জনগণের সেবা নিশ্চিত করতে নানা উদ্যোগ নেওয়া হয়েছে অন্তর্বর্তী সরকারের সময় দেশের বিভিন্ন খাতে উন্নয়নমূলক কার্যক্রম অব্যাহত রয়েছে এবং জনগণের সেবা নিশ্চিত করতে নানা উদ্যোগ নেওয়া হয়েছে অন্তর্বর্তী সরকারের সময় দেশের বিভিন্ন খাতে উন্নয়নমূলক কার্যক্রম অব্যাহত রয়েছে এবং জনগণের সেবা নিশ্চিত করতে নানা উদ্যোগ নেওয়া হয়েছে অন্তর্বর্তী সরকারের সময় দেশের বিভিন্ন খাতে উন্নয়নমূলক কার্যক্রম অব্যাহত রয়েছে এবং জনগণের সেবা নিশ্চিত করতে নানা উদ্যোগ নেওয়া হয়েছে অন্তর্বর্তী সরকারের সময় দেশের বিভিন্ন খাতে উন্নয়নমূলক কার্যক্রম অব্যাহত রয়েছে এবং জনগণের সেবা নিশ্চিত করতে নানা উদ্যোগ নেওয়া হয়েছে অন্তর্বর্তী সরকারের সময় দেশের বিভিন্ন খাতে উন্নয়নমূলক কার্যক্রম অব্যাহত রয়েছে এবং জনগণের সেবা নিশ্চিত করতে নানা উদ্যোগ নেওয়া হয়েছে অন্তর্বর্তী সরকারের সময় দেশের বিভিন্ন খাতে উন্নয়নমূলক কার্যক্রম অব্যাহত রয়েছে এবং জনগণের সেবা নিশ্চিত করতে নানা উদ্যোগ নেওয়া হয়েছে অন্তর্বর্তী সরকারের সময় দেশের বিভিন্ন খাতে উন্নয়নমূলক কার্যক্রম অব্যাহত রয়েছে এবং জনগণের সেবা নিশ্চিত করতে নানা উদ্যোগ নেওয়া হয়েছে অন্তর্বর্তী সরকারের সময় দেশের বিভিন্ন খাতে উন্নয়নমূলক কার্যক্রম অব্যাহত রয়েছে এবং জনগণের সেবা নিশ্চিত করতে নানা উদ্যোগ নেওয়া হয়েছে অন্তর্বর্তী সরকারের সময় দেশের বিভিন্ন খাতে উন্নয়নমূলক কার্যক্রম অব্যাহত রয়েছে এবং জনগণের সেবা নিশ্চিত করতে নানা উদ্যোগ নেওয়া হয়েছে অন্তর্বর্তী সরকারের সময় দেশের বিভিন্ন খাতে উন্নয়নমূলক কার্যক্রম অব্যাহত রয়েছে এবং জনগণের সেবা নিশ্চিত করতে নানা উদ্যোগ নেওয়া হয়েছে অন্তর্বর্তী সরকারের সময় দেশের বিভিন্ন খাতে উন্নয়নমূলক কার্যক্রম অব্যাহত রয়েছে এবং জনগণের সেবা নিশ্চিত করতে নানা উদ্যোগ নেওয়া হয়েছে অন্তর্বর্তী সরকারের সময় দেশের বিভিন্ন খাতে উন্নয়নমূলক কার্যক্রম অব্যাহত রয়েছে এবং জনগণের সেবা নিশ্চিত করতে নানা উদ্যোগ নেওয়া হয়েছে অন্তর্বর্তী সরকারের সময় দেশের বিভিন্ন খাতে উন্নয়নমূলক কার্যক্রম অব্যাহত রয়েছে এবং জনগণের সেবা নিশ্চিত করতে নানা উদ্যোগ নেওয়া হয়েছে অন্তর্বর্তী সরকারের সময় দেশের বিভিন্ন খাতে উন্নয়নমূলক কার্যক্রম অব্যাহত রয়েছে এবং জনগণের সেবা নিশ্চিত করতে নানা উদ্যোগ নেওয়া হয়েছে অন্তর্বর্তী সরকারের সময় দেশের বিভিন্ন খাতে উন্নয়নমূলক কার্যক্রম অব্যাহত রয়েছে এবং জনগণের সেবা নিশ্চিত করতে নানা উদ্যোগ নেওয়া হয়েছে অন্তর্বর্তী সরকারের সময় দেশের বিভিন্ন খাতে উন্নয়নমূলক কার্যক্রম অব্যাহত রয়েছে এবং জনগণের সেবা নিশ্চিত করতে নানা উদ্যোগ নেওয়া হয়েছে অন্তর্বর্তী সরকারের সময় দেশের বিভিন্ন খাতে উন্নয়নমূলক কার্যক্রম অব্যাহত রয়েছে এবং জনগণের সেবা নিশ্চিত করতে নানা উদ্যোগ নেওয়া হয়েছে অন্তর্বর্তী সরকারের সময় দেশের বিভিন্ন খাতে উন্নয়নমূলক কার্যক্রম অব্যাহত রয়েছে এবং জনগণের সেবা নিশ্চিত করতে নানা উদ্যোগ নেওয়া হয়েছে অন্তর্বর্তী সরকারের সময় দেশের বিভিন্ন খাতে উন্নয়নমূলক কার্যক্রম অব্যাহত রয়েছে এবং জনগণের সেবা নিশ্চিত করতে নানা উদ্যোগ নেওয়া হয়েছে
দৌলতদিয়া ঘাটে ফেরিতে ভিড়
অন্তর্বর্তী সরকারের সময় দেশের বিভিন্ন খাতে উন্নয়নমূলক কার্যক্রম অব্যাহত রয়েছে এবং জনগণের সেবা নিশ্চিত করতে নানা উদ্যোগ নেওয়া হয়েছে অন্তর্বর্তী সরকারের সময় দেশের বিভিন্ন খাতে উন্নয়নমূলক কার্যক্রম অব্যাহত রয়েছে এবং জনগণের সেবা নিশ্চিত করতে নানা উদ্যোগ নেওয়া হয়েছে অন্তর্বর্তী সরকারের সময় দেশের বিভিন্ন খাতে উন্নয়নমূলক কার্যক্রম অব্যাহত রয়েছে এবং জনগণের সেবা নিশ্চিত করতে নানা উদ্যোগ নেওয়া হয়েছে অন্তর্বর্তী সরকারের সময় দেশের বিভিন্ন খাতে উন্নয়নমূলক কার্যক্রম অব্যাহত রয়েছে এবং জনগণের সেবা নিশ্চিত করতে নানা উদ্যোগ নেওয়া হয়েছে অন্তর্বর্তী সরকারের সময় দেশের বিভিন্ন খাতে উন্নয়নমূলক কার্যক্রম অব্যাহত রয়েছে এবং জনগণের সেবা নিশ্চিত করতে নানা উদ্যোগ নেওয়া হয়েছে অন্তর্বর্তী সরকারের সময় দেশের বিভিন্ন খাতে উন্নয়নমূলক কার্যক্রম অব্যাহত রয়েছে এবং জনগণের সেবা নিশ্চিত করতে নানা উদ্যোগ নেওয়া হয়েছে অন্তর্বর্তী সরকারের সময় দেশের বিভিন্ন খাতে উন্নয়নমূলক কার্যক্রম অব্যাহত রয়েছে এবং জনগণের সেবা নিশ্চিত করতে নানা উদ্যোগ নেওয়া হয়েছে অন্তর্বর্তী সরকারের সময় দেশের বিভিন্ন খাতে উন্নয়নমূলক কার্যক্রম অব্যাহত রয়েছে এবং জনগণের সেবা নিশ্চিত করতে নানা উদ্যোগ নেওয়া হয়েছে অন্তর্বর্তী সরকারের সময় দেশের বিভিন্ন খাতে উন্নয়নমূলক কার্যক্রম অব্যাহত রয়েছে এবং জনগণের সেবা নিশ্চিত করতে নানা উদ্যোগ নেওয়া হয়েছে অন্তর্বর্তী সরকারের সময় দেশের বিভিন্ন খাতে উন্নয়নমূলক কার্যক্রম অব্যাহত রয়েছে এবং জনগণের সেবা নিশ্চিত করতে নানা উদ্যোগ নেওয়া হয়েছে অন্তর্বর্তী সরকারের সময় দেশের বিভিন্ন খাতে উন্নয়নমূলক কার্যক্রম অব্যাহত রয়েছে এবং জনগণের সেবা নিশ্চিত করতে নানা উদ্যোগ নেওয়া হয়েছে
দেশের সব বিশ্ববিদ্যালয়ে ছুটি ঘোষণা
অন্তর্বর্তী সরকারের সময় দেশের বিভিন্ন খাতে উন্নয়নমূলক কার্যক্রম অব্যাহত রয়েছে এবং জনগণের সেবা নিশ্চিত করতে নানা উদ্যোগ নেওয়া হয়েছে অন্তর্বর্তী সরকারের সময় দেশের বিভিন্ন খাতে উন্নয়নমূলক কার্যক্রম অব্যাহত রয়েছে এবং জনগণের সেবা নিশ্চিত করতে নানা উদ্যোগ নেওয়া হয়েছে
বীরের অপেক্ষায় দেশ
অন্তর্বর্তী সরকারের সময় দেশের বিভিন্ন খাতে উন্নয়নমূলক কার্যক্রম অব্যাহত রয়েছে এবং জনগণের সেবা নিশ্চিত করতে নানা উদ্যোগ নেওয়া হয়েছে অন্তর্বর্তী সরকারের সময় দেশের বিভিন্ন খাতে উন্নয়নমূলক কার্যক্রম অব্যাহত রয়েছে এবং জনগণের সেবা নিশ্চিত করতে নানা উদ্যোগ নেওয়া হয়েছে অন্তর্বর্তী সরকারের সময় দেশের বিভিন্ন খাতে উন্নয়নমূলক কার্যক্রম অব্যাহত রয়েছে এবং জনগণের সেবা নিশ্চিত করতে নানা উদ্যোগ নেওয়া হয়েছে অন্তর্বর্তী সরকারের সময় দেশের বিভিন্ন খাতে উন্নয়নমূলক কার্যক্রম অব্যাহত রয়েছে এবং জনগণের সেবা নিশ্চিত করতে নানা উদ্যোগ নেওয়া হয়েছে অন্তর্বর্তী সরকারের সময় দেশের বিভিন্ন খাতে উন্নয়নমূলক কার্যক্রম অব্যাহত রয়েছে এবং জনগণের সেবা নিশ্চিত করতে নানা উদ্যোগ নেওয়া হয়েছে অন্তর্বর্তী সরকারের সময় দেশের বিভিন্ন খাতে উন্নয়নমূলক কার্যক্রম অব্যাহত রয়েছে এবং জনগণের সেবা নিশ্চিত করতে নানা উদ্যোগ নেওয়া হয়েছে অন্তর্বর্তী সরকারের সময় দেশের বিভিন্ন খাতে উন্নয়নমূলক কার্যক্রম অব্যাহত রয়েছে এবং জনগণের সেবা নিশ্চিত করতে নানা উদ্যোগ নেওয়া হয়েছে অন্তর্বর্তী সরকারের সময় দেশের বিভিন্ন খাতে উন্নয়নমূলক কার্যক্রম অব্যাহত রয়েছে এবং জনগণের সেবা নিশ্চিত করতে নানা উদ্যোগ নেওয়া হয়েছে অন্তর্বর্তী সরকারের সময় দেশের বিভিন্ন খাতে উন্নয়নমূলক কার্যক্রম অব্যাহত রয়েছে এবং জনগণের সেবা নিশ্চিত করতে নানা উদ্যোগ নেওয়া হয়েছে অন্তর্বর্তী সরকারের সময় দেশের বিভিন্ন খাতে উন্নয়নমূলক কার্যক্রম অব্যাহত রয়েছে এবং জনগণের সেবা নিশ্চিত করতে নানা উদ্যোগ নেওয়া হয়েছে অন্তর্বর্তী সরকারের সময় দেশের বিভিন্ন খাতে উন্নয়নমূলক কার্যক্রম অব্যাহত রয়েছে এবং জনগণের সেবা নিশ্চিত করতে নানা উদ্যোগ নেওয়া হয়েছে অন্তর্বর্তী সরকারের সময় দেশের বিভিন্ন খাতে উন্নয়নমূলক কার্যক্রম অব্যাহত রয়েছে এবং জনগণের সেবা নিশ্চিত করতে নানা উদ্যোগ নেওয়া হয়েছে অন্তর্বর্তী সরকারের সময় দেশের বিভিন্ন খাতে উন্নয়নমূলক কার্যক্রম অব্যাহত রয়েছে এবং জনগণের সেবা নিশ্চিত করতে নানা উদ্যোগ নেওয়া হয়েছে
সময় মতো ঈদ পালনে দুই সপ্তাহ
অন্তর্বর্তী সরকারের সময় দেশের বিভিন্ন খাতে উন্নয়নমূলক কার্যক্রম অব্যাহত রয়েছে এবং জনগণের সেবা নিশ্চিত করতে নানা উদ্যোগ নেওয়া হয়েছে অন্তর্বর্তী সরকারের সময় দেশের বিভিন্ন খাতে উন্নয়নমূলক কার্যক্রম অব্যাহত রয়েছে এবং জনগণের সেবা নিশ্চিত করতে নানা উদ্যোগ নেওয়া হয়েছে অন্তর্বর্তী সরকারের সময় দেশের বিভিন্ন খাতে উন্নয়নমূলক কার্যক্রম অব্যাহত রয়েছে এবং জনগণের সেবা নিশ্চিত করতে নানা উদ্যোগ নেওয়া হয়েছে অন্তর্বর্তী সরকারের সময় দেশের বিভিন্ন খাতে উন্নয়নমূলক কার্যক্রম অব্যাহত রয়েছে এবং জনগণের সেবা নিশ্চিত করতে নানা উদ্যোগ নেওয়া হয়েছে অন্তর্বর্তী সরকারের সময় দেশের বিভিন্ন খাতে উন্নয়নমূলক কার্যক্রম অব্যাহত রয়েছে এবং জনগণের সেবা নিশ্চিত করতে নানা উদ্যোগ নেওয়া হয়েছে
অন্তর্বর্তী সরকারের সময় দেশের বিভিন্ন খাতে উন্নয়নমূলক কার্যক্রম অব্যাহত রয়েছে এবং জনগণের সেবা নিশ্চিত করতে নানা উদ্যোগ নেওয়া হয়েছে অন্তর্বর্তী সরকারের সময় দেশের বিভিন্ন খাতে উন্নয়নমূলক কার্যক্রম অব্যাহত রয়েছে এবং জনগণের সেবা নিশ্চিত করতে নানা উদ্যোগ নেওয়া হয়েছে অন্তর্বর্তী সরকারের সময় দেশের বিভিন্ন খাতে উন্নয়নমূলক কার্যক্রম অব্যাহত রয়েছে এবং জনগণের সেবা নিশ্চিত করতে নানা উদ্যোগ নেওয়া হয়েছে অন্তর্বর্তী সরকারের সময় দেশের বিভিন্ন খাতে উন্নয়নমূলক কার্যক্রম অব্যাহত রয়েছে এবং জনগণের সেবা নিশ্চিত করতে নানা উদ্যোগ নেওয়া হয়েছে অন্তর্বর্তী সরকারের সময় দেশের বিভিন্ন খাতে উন্নয়নমূলক কার্যক্রম অব্যাহত রয়েছে এবং জনগণের সেবা নিশ্চিত করতে নানা উদ্যোগ নেওয়া হয়েছে
বন্দরনগরে ড্রাইভারের ‘সুপার গেম’
অন্তর্বর্তী সরকারের সময় দেশের বিভিন্ন খাতে উন্নয়নমূলক কার্যক্রম অব্যাহত রয়েছে এবং জনগণের সেবা নিশ্চিত করতে নানা উদ্যোগ নেওয়া হয়েছে অন্তর্বর্তী সরকারের সময় দেশের বিভিন্ন খাতে উন্নয়নমূলক কার্যক্রম অব্যাহত রয়েছে এবং জনগণের সেবা নিশ্চিত করতে নানা উদ্যোগ নেওয়া হয়েছে অন্তর্বর্তী সরকারের সময় দেশের বিভিন্ন খাতে উন্নয়নমূলক কার্যক্রম অব্যাহত রয়েছে এবং জনগণের সেবা নিশ্চিত করতে নানা উদ্যোগ নেওয়া হয়েছে অন্তর্বর্তী সরকারের সময় দেশের বিভিন্ন খাতে উন্নয়নমূলক কার্যক্রম অব্যাহত রয়েছে এবং জনগণের সেবা নিশ্চিত করতে নানা উদ্যোগ নেওয়া হয়েছে অন্তর্বর্তী সরকারের সময় দেশের বিভিন্ন খাতে উন্নয়নমূলক কার্যক্রম অব্যাহত রয়েছে এবং জনগণের সেবা নিশ্চিত করতে নানা উদ্যোগ নেওয়া হয়েছে অন্তর্বর্তী সরকারের সময় দেশের বিভিন্ন খাতে উন্নয়নমূলক কার্যক্রম অব্যাহত রয়েছে এবং জনগণের সেবা নিশ্চিত করতে নানা উদ্যোগ নেওয়া হয়েছে অন্তর্বর্তী সরকারের সময় দেশের বিভিন্ন খাতে উন্নয়নমূলক কার্যক্রম অব্যাহত রয়েছে এবং জনগণের সেবা নিশ্চিত করতে নানা উদ্যোগ নেওয়া হয়েছে অন্তর্বর্তী সরকারের সময় দেশের বিভিন্ন খাতে উন্নয়নমূলক কার্যক্রম অব্যাহত রয়েছে এবং জনগণের সেবা নিশ্চিত করতে নানা উদ্যোগ নেওয়া হয়েছে অন্তর্বর্তী সরকারের সময় দেশের বিভিন্ন খাতে উন্নয়নমূলক কার্যক্রম অব্যাহত রয়েছে এবং জনগণের সেবা নিশ্চিত করতে নানা উদ্যোগ নেওয়া হয়েছে অন্তর্বর্তী সরকারের সময় দেশের বিভিন্ন খাতে উন্নয়নমূলক কার্যক্রম অব্যাহত রয়েছে এবং জনগণের সেবা নিশ্চিত করতে নানা উদ্যোগ নেওয়া হয়েছে অন্তর্বর্তী সরকারের সময় দেশের বিভিন্ন খাতে উন্নয়নমূলক কার্যক্রম অব্যাহত রয়েছে এবং জনগণের সেবা নিশ্চিত করতে নানা উদ্যোগ নেওয়া হয়েছে অন্তর্বর্তী সরকারের সময় দেশের বিভিন্ন খাতে উন্নয়নমূলক কার্যক্রম অব্যাহত রয়েছে এবং জনগণের সেবা নিশ্চিত করতে নানা উদ্যোগ নেওয়া হয়েছে অন্তর্বর্তী সরকারের সময় দেশের বিভিন্ন খাতে উন্নয়নমূলক কার্যক্রম অব্যাহত রয়েছে এবং জনগণের সেবা নিশ্চিত করতে নানা উদ্যোগ নেওয়া হয়েছে
সড়কপথে ঈদ যাত্রায় ভোগান্তি
অন্তর্বর্তী সরকারের সময় দেশের বিভিন্ন খাতে উন্নয়নমূলক কার্যক্রম অব্যাহত রয়েছে এবং জনগণের সেবা নিশ্চিত করতে নানা উদ্যোগ নেওয়া হয়েছে অন্তর্বর্তী সরকারের সময় দেশের বিভিন্ন খাতে উন্নয়নমূলক কার্যক্রম অব্যাহত রয়েছে এবং জনগণের সেবা নিশ্চিত করতে নানা উদ্যোগ নেওয়া হয়েছে অন্তর্বর্তী সরকারের সময় দেশের বিভিন্ন খাতে উন্নয়নমূলক কার্যক্রম অব্যাহত রয়েছে এবং জনগণের সেবা নিশ্চিত করতে নানা উদ্যোগ নেওয়া হয়েছে অন্তর্বর্তী সরকারের সময় দেশের বিভিন্ন খাতে উন্নয়নমূলক কার্যক্রম অব্যাহত রয়েছে এবং জনগণের সেবা নিশ্চিত করতে নানা উদ্যোগ নেওয়া হয়েছে অন্তর্বর্তী সরকারের সময় দেশের বিভিন্ন খাতে উন্নয়নমূলক কার্যক্রম অব্যাহত রয়েছে এবং জনগণের সেবা নিশ্চিত করতে নানা উদ্যোগ নেওয়া হয়েছে অন্তর্বর্তী সরকারের সময় দেশের বিভিন্ন খাতে উন্নয়নমূলক কার্যক্রম অব্যাহত রয়েছে এবং জনগণের সেবা নিশ্চিত করতে নানা উদ্যোগ নেওয়া হয়েছে অন্তর্বর্তী সরকারের সময় দেশের বিভিন্ন খাতে উন্নয়নমূলক কার্যক্রম অব্যাহত রয়েছে এবং জনগণের সেবা নিশ্চিত করতে নানা উদ্যোগ নেওয়া হয়েছে অন্তর্বর্তী সরকারের সময় দেশের বিভিন্ন খাতে উন্নয়নমূলক কার্যক্রম অব্যাহত রয়েছে এবং জনগণের সেবা নিশ্চিত করতে নানা উদ্যোগ নেওয়া হয়েছে অন্তর্বর্তী সরকারের সময় দেশের বিভিন্ন খাতে উন্নয়নমূলক কার্যক্রম অব্যাহত রয়েছে এবং জনগণের সেবা নিশ্চিত করতে নানা উদ্যোগ নেওয়া হয়েছে অন্তর্বর্তী সরকারের সময় দেশের বিভিন্ন খাতে উন্নয়নমূলক কার্যক্রম অব্যাহত রয়েছে এবং জনগণের সেবা নিশ্চিত করতে নানা উদ্যোগ নেওয়া হয়েছে অন্তর্বর্তী সরকারের সময় দেশের বিভিন্ন খাতে উন্নয়নমূলক কার্যক্রম অব্যাহত রয়েছে এবং জনগণের সেবা নিশ্চিত করতে নানা উদ্যোগ নেওয়া হয়েছে অন্তর্বর্তী সরকারের সময় দেশের বিভিন্ন খাতে উন্নয়নমূলক কার্যক্রম অব্যাহত রয়েছে এবং জনগণের সেবা নিশ্চিত করতে নানা উদ্যোগ নেওয়া হয়েছে অন্তর্বর্তী সরকারের সময় দেশের বিভিন্ন খাতে উন্নয়নমূলক কার্যক্রম অব্যাহত রয়েছে এবং জনগণের সেবা নিশ্চিত করতে নানা উদ্যোগ নেওয়া হয়েছে অন্তর্বর্তী সরকারের সময় দেশের বিভিন্ন খাতে উন্নয়নমূলক কার্যক্রম অব্যাহত রয়েছে এবং জনগণের সেবা নিশ্চিত করতে নানা উদ্যোগ নেওয়া হয়েছে অন্তর্বর্তী সরকারের সময় দেশের বিভিন্ন খাতে উন্নয়নমূলক কার্যক্রম অব্যাহত রয়েছে এবং জনগণের সেবা নিশ্চিত করতে নানা উদ্যোগ নেওয়া হয়েছে অন্তর্বর্তী সরকারের সময় দেশের বিভিন্ন খাতে উন্নয়নমূলক কার্যক্রম অব্যাহত রয়েছে এবং জনগণের সেবা নিশ্চিত করতে নানা উদ্যোগ নেওয়া হয়েছে অন্তর্বর্তী সরকারের সময় দেশের বিভিন্ন খাতে উন্নয়নমূলক কার্যক্রম অব্যাহত রয়েছে এবং জনগণের সেবা নিশ্চিত করতে নানা উদ্যোগ নেওয়া হয়েছে
আবারও বৃষ্টি নামবে
অন্তর্বর্তী সরকারের সময় দেশের বিভিন্ন খাতে উন্নয়নমূলক কার্যক্রম অব্যাহত রয়েছে এবং জনগণের সেবা নিশ্চিত করতে নানা উদ্যোগ নেওয়া হয়েছে অন্তর্বর্তী সরকারের সময় দেশের বিভিন্ন খাতে উন্নয়নমূলক কার্যক্রম অব্যাহত রয়েছে এবং জনগণের সেবা নিশ্চিত করতে নানা উদ্যোগ নেওয়া হয়েছে অন্তর্বর্তী সরকারের সময় দেশের বিভিন্ন খাতে উন্নয়নমূলক কার্যক্রম অব্যাহত রয়েছে এবং জনগণের সেবা নিশ্চিত করতে নানা উদ্যোগ নেওয়া হয়েছে অন্তর্বর্তী সরকারের সময় দেশের বিভিন্ন খাতে উন্নয়নমূলক কার্যক্রম অব্যাহত রয়েছে এবং জনগণের সেবা নিশ্চিত করতে নানা উদ্যোগ নেওয়া হয়েছে অন্তর্বর্তী সরকারের সময় দেশের বিভিন্ন খাতে উন্নয়নমূলক কার্যক্রম অব্যাহত রয়েছে এবং জনগণের সেবা নিশ্চিত করতে নানা উদ্যোগ নেওয়া হয়েছে অন্তর্বর্তী সরকারের সময় দেশের বিভিন্ন খাতে উন্নয়নমূলক কার্যক্রম অব্যাহত রয়েছে এবং জনগণের সেবা নিশ্চিত করতে নানা উদ্যোগ নেওয়া হয়েছে
আসন্ন ঈদে যানজট ও ভ্রমণ নিরাপত্তা
অন্তর্বর্তী সরকারের সময় দেশের বিভিন্ন খাতে উন্নয়নমূলক কার্যক্রম অব্যাহত রয়েছে এবং জনগণের সেবা নিশ্চিত করতে নানা উদ্যোগ নেওয়া হয়েছে অন্তর্বর্তী সরকারের সময় দেশের বিভিন্ন খাতে উন্নয়নমূলক কার্যক্রম অব্যাহত রয়েছে এবং জনগণের সেবা নিশ্চিত করতে নানা উদ্যোগ নেওয়া হয়েছে অন্তর্বর্তী সরকারের সময় দেশের বিভিন্ন খাতে উন্নয়নমূলক কার্যক্রম অব্যাহত রয়েছে এবং জনগণের সেবা নিশ্চিত করতে নানা উদ্যোগ নেওয়া হয়েছে অন্তর্বর্তী সরকারের সময় দেশের বিভিন্ন খাতে উন্নয়নমূলক কার্যক্রম অব্যাহত রয়েছে এবং জনগণের সেবা নিশ্চিত করতে নানা উদ্যোগ নেওয়া হয়েছে অন্তর্বর্তী সরকারের সময় দেশের বিভিন্ন খাতে উন্নয়নমূলক কার্যক্রম অব্যাহত রয়েছে এবং জনগণের সেবা নিশ্চিত করতে নানা উদ্যোগ নেওয়া হয়েছে অন্তর্বর্তী সরকারের সময় দেশের বিভিন্ন খাতে উন্নয়নমূলক কার্যক্রম অব্যাহত রয়েছে এবং জনগণের সেবা নিশ্চিত করতে নানা উদ্যোগ নেওয়া হয়েছে অন্তর্বর্তী সরকারের সময় দেশের বিভিন্ন খাতে উন্নয়নমূলক কার্যক্রম অব্যাহত রয়েছে এবং জনগণের সেবা নিশ্চিত করতে নানা উদ্যোগ নেওয়া হয়েছে অন্তর্বর্তী সরকারের সময় দেশের বিভিন্ন খাতে উন্নয়নমূলক কার্যক্রম অব্যাহত রয়েছে এবং জনগণের সেবা নিশ্চিত করতে নানা উদ্যোগ নেওয়া হয়েছে
যানজট কমাতে নতুন উদ্যোগ অভিযান
অন্তর্বর্তী সরকারের সময় দেশের বিভিন্ন খাতে উন্নয়নমূলক কার্যক্রম অব্যাহত রয়েছে এবং জনগণের সেবা নিশ্চিত করতে নানা উদ্যোগ নেওয়া হয়েছে অন্তর্বর্তী সরকারের সময় দেশের বিভিন্ন খাতে উন্নয়নমূলক কার্যক্রম অব্যাহত রয়েছে এবং জনগণের সেবা নিশ্চিত করতে নানা উদ্যোগ নেওয়া হয়েছে অন্তর্বর্তী সরকারের সময় দেশের বিভিন্ন খাতে উন্নয়নমূলক কার্যক্রম অব্যাহত রয়েছে এবং জনগণের সেবা নিশ্চিত করতে নানা উদ্যোগ নেওয়া হয়েছে
বাড়ছে তাপমাত্রা
অন্তর্বর্তী সরকারের সময় দেশের বিভিন্ন খাতে উন্নয়নমূলক কার্যক্রম অব্যাহত রয়েছে এবং জনগণের সেবা নিশ্চিত করতে নানা উদ্যোগ নেওয়া হয়েছে অন্তর্বর্তী সরকারের সময় দেশের বিভিন্ন খাতে উন্নয়নমূলক কার্যক্রম অব্যাহত রয়েছে এবং জনগণের সেবা নিশ্চিত করতে নানা উদ্যোগ নেওয়া হয়েছে অন্তর্বর্তী সরকারের সময় দেশের বিভিন্ন খাতে উন্নয়নমূলক কার্যক্রম অব্যাহত রয়েছে এবং জনগণের সেবা নিশ্চিত করতে নানা উদ্যোগ নেওয়া হয়েছে
রাজধানীতে আগুন
অন্তর্বর্তী সরকারের সময় দেশের বিভিন্ন খাতে উন্নয়নমূলক কার্যক্রম অব্যাহত রয়েছে এবং জনগণের সেবা নিশ্চিত করতে নানা উদ্যোগ নেওয়া হয়েছে
দেশব্যাপী নতুন রূপে পুলিশ
অন্তর্বর্তী সরকারের সময় দেশের বিভিন্ন খাতে উন্নয়নমূলক কার্যক্রম অব্যাহত রয়েছে এবং জনগণের সেবা নিশ্চিত করতে নানা উদ্যোগ নেওয়া হয়েছে অন্তর্বর্তী সরকারের সময় দেশের বিভিন্ন খাতে উন্নয়নমূলক কার্যক্রম অব্যাহত রয়েছে এবং জনগণের সেবা নিশ্চিত করতে নানা উদ্যোগ নেওয়া হয়েছে অন্তর্বর্তী সরকারের সময় দেশের বিভিন্ন খাতে উন্নয়নমূলক কার্যক্রম অব্যাহত রয়েছে এবং জনগণের সেবা নিশ্চিত করতে নানা উদ্যোগ নেওয়া হয়েছে অন্তর্বর্তী সরকারের সময় দেশের বিভিন্ন খাতে উন্নয়নমূলক কার্যক্রম অব্যাহত রয়েছে এবং জনগণের সেবা নিশ্চিত করতে নানা উদ্যোগ নেওয়া হয়েছে অন্তর্বর্তী সরকারের সময় দেশের বিভিন্ন খাতে উন্নয়নমূলক কার্যক্রম অব্যাহত রয়েছে এবং জনগণের সেবা নিশ্চিত করতে নানা উদ্যোগ নেওয়া হয়েছে অন্তর্বর্তী সরকারের সময় দেশের বিভিন্ন খাতে উন্নয়নমূলক কার্যক্রম অব্যাহত রয়েছে এবং জনগণের সেবা নিশ্চিত করতে নানা উদ্যোগ নেওয়া হয়েছে অন্তর্বর্তী সরকারের সময় দেশের বিভিন্ন খাতে উন্নয়নমূলক কার্যক্রম অব্যাহত রয়েছে এবং জনগণের সেবা নিশ্চিত করতে নানা উদ্যোগ নেওয়া হয়েছে অন্তর্বর্তী সরকারের সময় দেশের বিভিন্ন খাতে উন্নয়নমূলক কার্যক্রম অব্যাহত রয়েছে এবং জনগণের সেবা নিশ্চিত করতে নানা উদ্যোগ নেওয়া হয়েছে
ছেলেকে উদ্ধারে মায়ের আকুতি
অন্তর্বর্তী সরকারের সময় দেশের বিভিন্ন খাতে উন্নয়নমূলক কার্যক্রম অব্যাহত রয়েছে এবং জনগণের সেবা নিশ্চিত করতে নানা উদ্যোগ নেওয়া হয়েছে অন্তর্বর্তী সরকারের সময় দেশের বিভিন্ন খাতে উন্নয়নমূলক কার্যক্রম অব্যাহত রয়েছে এবং জনগণের সেবা নিশ্চিত করতে নানা উদ্যোগ নেওয়া হয়েছে অন্তর্বর্তী সরকারের সময় দেশের বিভিন্ন খাতে উন্নয়নমূলক কার্যক্রম অব্যাহত রয়েছে এবং জনগণের সেবা নিশ্চিত করতে নানা উদ্যোগ নেওয়া হয়েছে অন্তর্বর্তী সরকারের সময় দেশের বিভিন্ন খাতে উন্নয়নমূলক কার্যক্রম অব্যাহত রয়েছে এবং জনগণের সেবা নিশ্চিত করতে নানা উদ্যোগ নেওয়া হয়েছে অন্তর্বর্তী সরকারের সময় দেশের বিভিন্ন খাতে উন্নয়নমূলক কার্যক্রম অব্যাহত রয়েছে এবং জনগণের সেবা নিশ্চিত করতে নানা উদ্যোগ নেওয়া হয়েছে অন্তর্বর্তী সরকারের সময় দেশের বিভিন্ন খাতে উন্নয়নমূলক কার্যক্রম অব্যাহত রয়েছে এবং জনগণের সেবা নিশ্চিত করতে নানা উদ্যোগ নেওয়া হয়েছে অন্তর্বর্তী সরকারের সময় দেশের বিভিন্ন খাতে উন্নয়নমূলক কার্যক্রম অব্যাহত রয়েছে এবং জনগণের সেবা নিশ্চিত করতে নানা উদ্যোগ নেওয়া হয়েছে
